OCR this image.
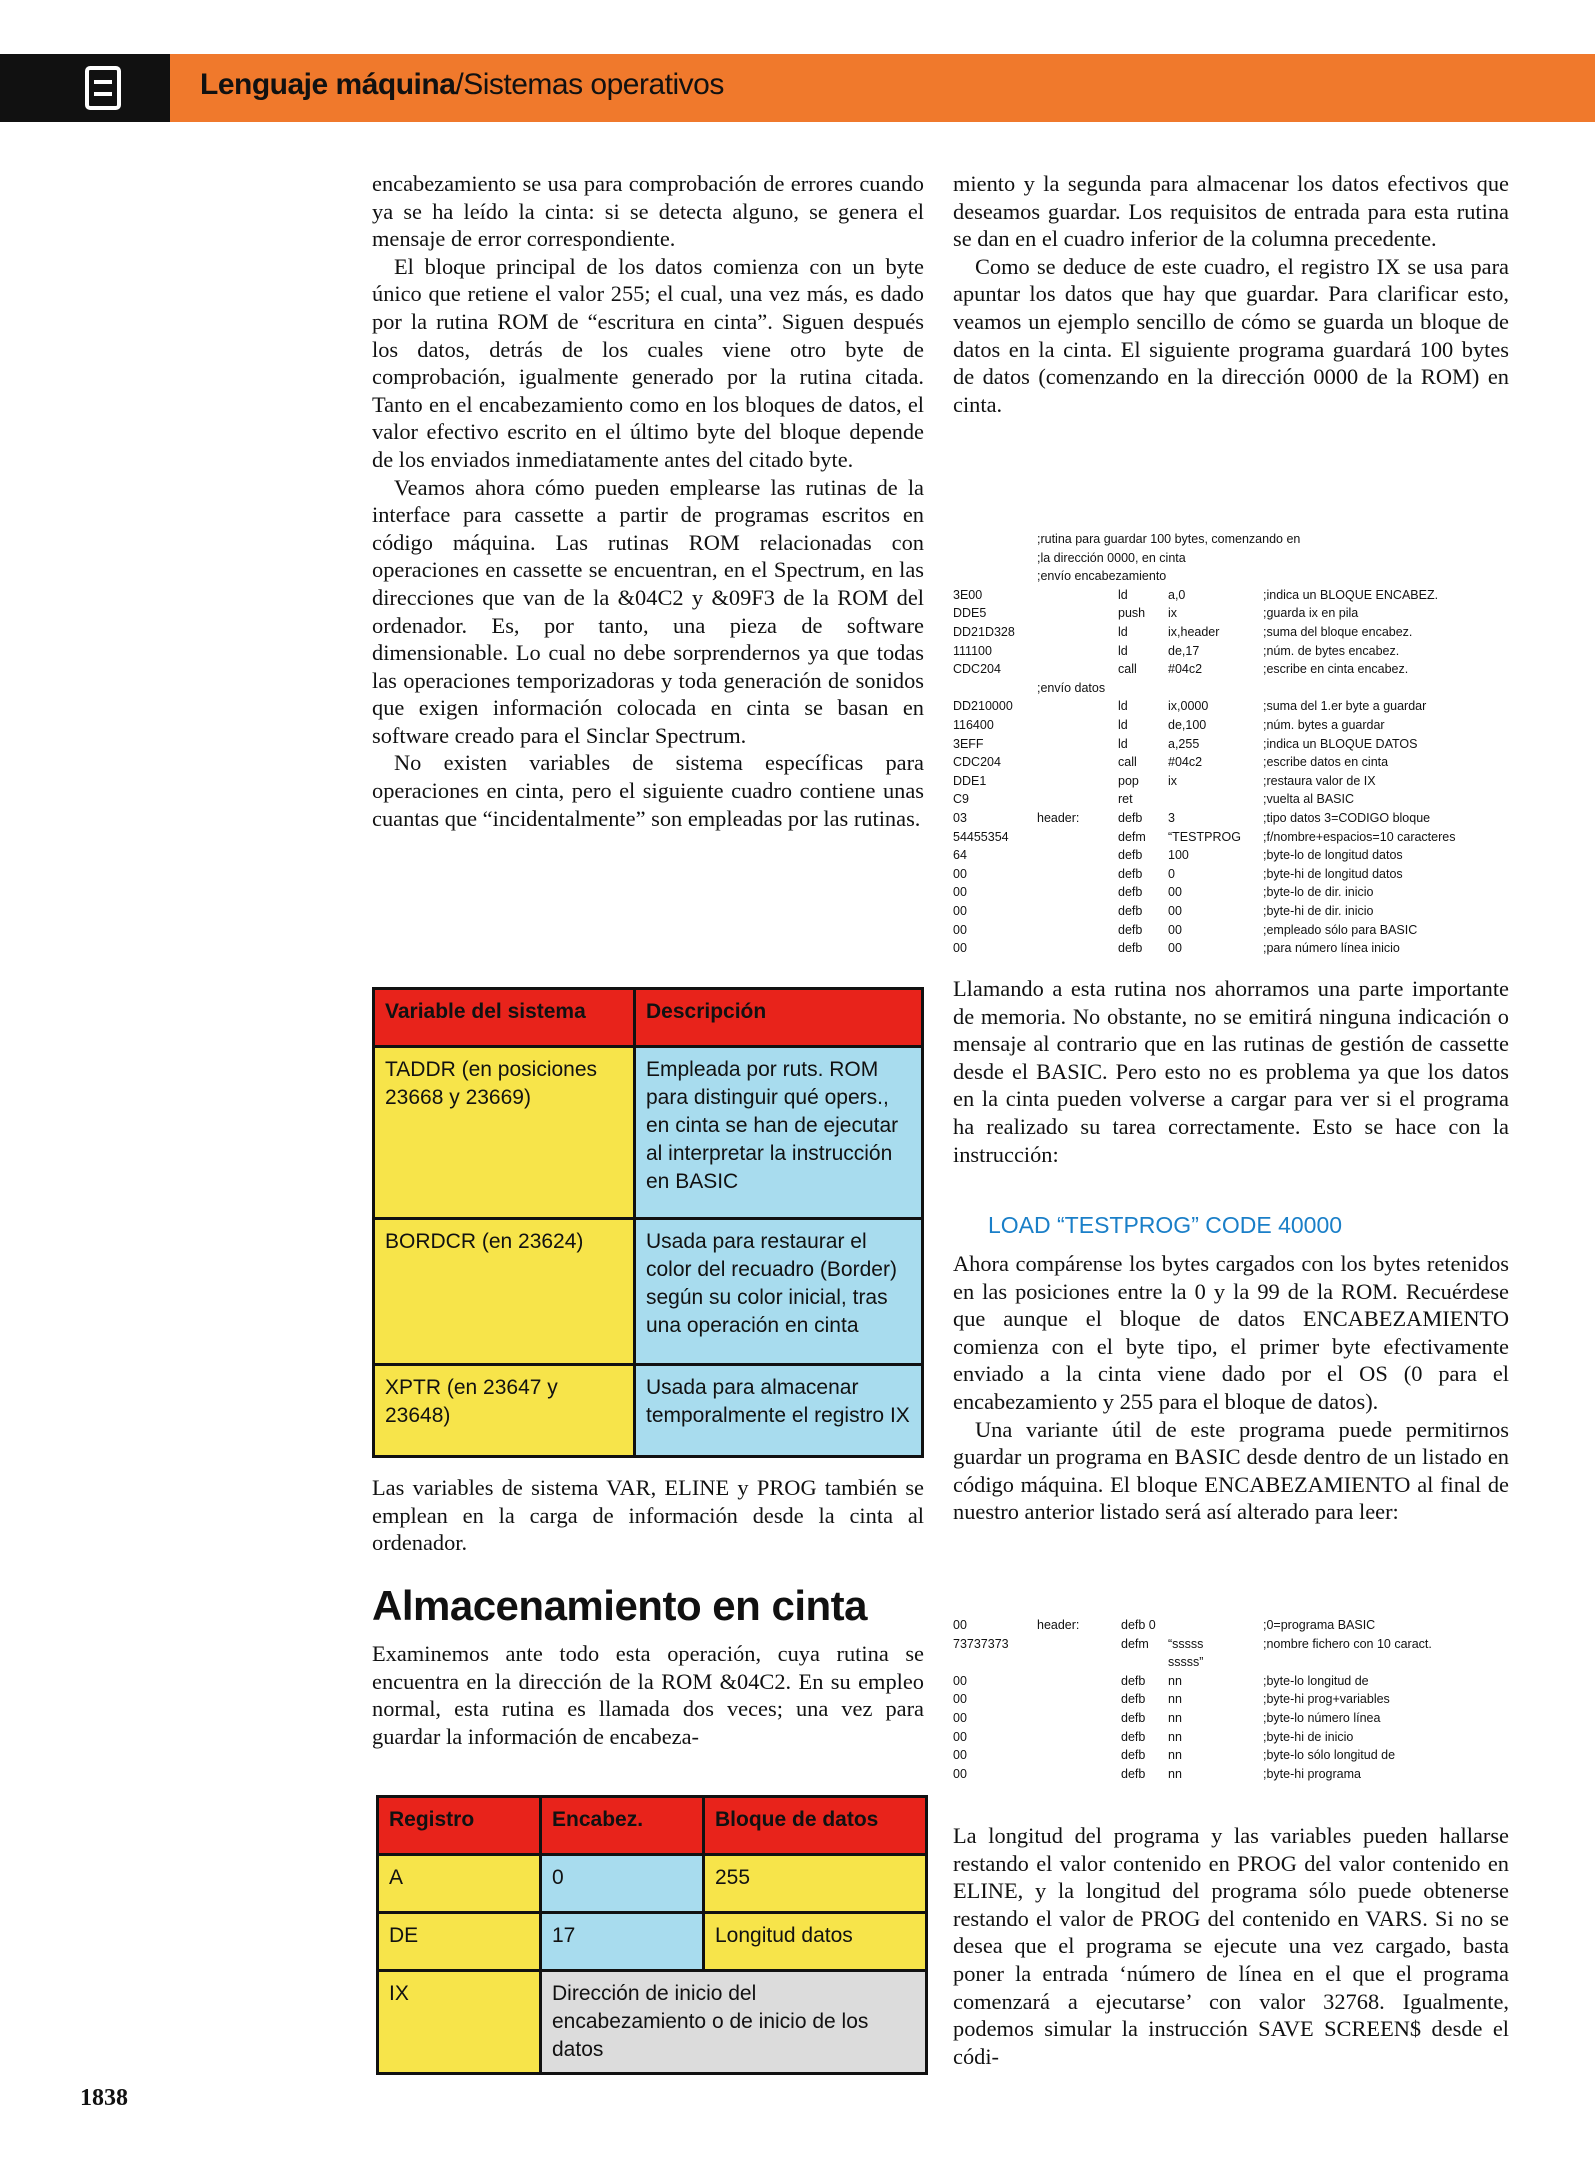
Lenguaje máquina/Sistemas operativos

encabezamiento se usa para comprobación de errores cuando ya se ha leído la cinta: si se detecta alguno, se genera el mensaje de error correspondiente.

El bloque principal de los datos comienza con un byte único que retiene el valor 255; el cual, una vez más, es dado por la rutina ROM de “escritura en cinta”. Siguen después los datos, detrás de los cuales viene otro byte de comprobación, igualmente generado por la rutina citada. Tanto en el encabezamiento como en los bloques de datos, el valor efectivo escrito en el último byte del bloque depende de los enviados inmediatamente antes del citado byte.

Veamos ahora cómo pueden emplearse las rutinas de la interface para cassette a partir de programas escritos en código máquina. Las rutinas ROM relacionadas con operaciones en cassette se encuentran, en el Spectrum, en las direcciones que van de la &04C2 y &09F3 de la ROM del ordenador. Es, por tanto, una pieza de software dimensionable. Lo cual no debe sorprendernos ya que todas las operaciones temporizadoras y toda generación de sonidos que exigen información colocada en cinta se basan en software creado para el Sinclar Spectrum.

No existen variables de sistema específicas para operaciones en cinta, pero el siguiente cuadro contiene unas cuantas que “incidentalmente” son empleadas por las rutinas.

Variable del sistema	Descripción
TADDR (en posiciones 23668 y 23669)	Empleada por ruts. ROM para distinguir qué opers., en cinta se han de ejecutar al interpretar la instrucción en BASIC
BORDCR (en 23624)	Usada para restaurar el color del recuadro (Border) según su color inicial, tras una operación en cinta
XPTR (en 23647 y 23648)	Usada para almacenar temporalmente el registro IX

Las variables de sistema VAR, ELINE y PROG también se emplean en la carga de información desde la cinta al ordenador.

Almacenamiento en cinta

Examinemos ante todo esta operación, cuya rutina se encuentra en la dirección de la ROM &04C2. En su empleo normal, esta rutina es llamada dos veces; una vez para guardar la información de encabeza-

Registro	Encabez.	Bloque de datos
A	0	255
DE	17	Longitud datos
IX	Dirección de inicio del encabezamiento o de inicio de los datos	

miento y la segunda para almacenar los datos efectivos que deseamos guardar. Los requisitos de entrada para esta rutina se dan en el cuadro inferior de la columna precedente.

Como se deduce de este cuadro, el registro IX se usa para apuntar los datos que hay que guardar. Para clarificar esto, veamos un ejemplo sencillo de cómo se guarda un bloque de datos en la cinta. El siguiente programa guardará 100 bytes de datos (comenzando en la dirección 0000 de la ROM) en cinta.

;rutina para guardar 100 bytes, comenzando en
;la dirección 0000, en cinta
;envío encabezamiento
3E00	ld	a,0	;indica un BLOQUE ENCABEZ.
DDE5	push ix	;guarda ix en pila
DD21D328	ld	ix,header	;suma del bloque encabez.
111100	ld	de,17	;núm. de bytes encabez.
CDC204	call #04c2	;escribe en cinta encabez.
;envío datos
DD210000	ld	ix,0000	;suma del 1.er byte a guardar
116400	ld	de,100	;núm. bytes a guardar
3EFF	ld	a,255	;indica un BLOQUE DATOS
CDC204	call #04c2	;escribe datos en cinta
DDE1	pop ix	;restaura valor de IX
C9	ret	;vuelta al BASIC
03	header:	defb 3	;tipo datos 3=CODIGO bloque
54455354	defm “TESTPROG ;f/nombre+espacios=10 caracteres
64	defb 100	;byte-lo de longitud datos
00	defb 0	;byte-hi de longitud datos
00	defb 00	;byte-lo de dir. inicio
00	defb 00	;byte-hi de dir. inicio
00	defb 00	;empleado sólo para BASIC
00	defb 00	;para número línea inicio

Llamando a esta rutina nos ahorramos una parte importante de memoria. No obstante, no se emitirá ninguna indicación o mensaje al contrario que en las rutinas de gestión de cassette desde el BASIC. Pero esto no es problema ya que los datos en la cinta pueden volverse a cargar para ver si el programa ha realizado su tarea correctamente. Esto se hace con la instrucción:

LOAD “TESTPROG” CODE 40000

Ahora compárense los bytes cargados con los bytes retenidos en las posiciones entre la 0 y la 99 de la ROM. Recuérdese que aunque el bloque de datos ENCABEZAMIENTO comienza con el byte tipo, el primer byte efectivamente enviado a la cinta viene dado por el OS (0 para el encabezamiento y 255 para el bloque de datos).

Una variante útil de este programa puede permitirnos guardar un programa en BASIC desde dentro de un listado en código máquina. El bloque ENCABEZAMIENTO al final de nuestro anterior listado será así alterado para leer:

00	header:	defb 0	;0=programa BASIC
73737373	defm “sssss	;nombre fichero con 10 caract.
sssss”
00	defb nn	;byte-lo longitud de
00	defb nn	;byte-hi prog+variables
00	defb nn	;byte-lo número línea
00	defb nn	;byte-hi de inicio
00	defb nn	;byte-lo sólo longitud de
00	defb nn	;byte-hi programa

La longitud del programa y las variables pueden hallarse restando el valor contenido en PROG del valor contenido en ELINE, y la longitud del programa sólo puede obtenerse restando el valor de PROG del contenido en VARS. Si no se desea que el programa se ejecute una vez cargado, basta poner la entrada ‘número de línea en el que el programa comenzará a ejecutarse’ con valor 32768. Igualmente, podemos simular la instrucción SAVE SCREEN$ desde el códi-

1838
